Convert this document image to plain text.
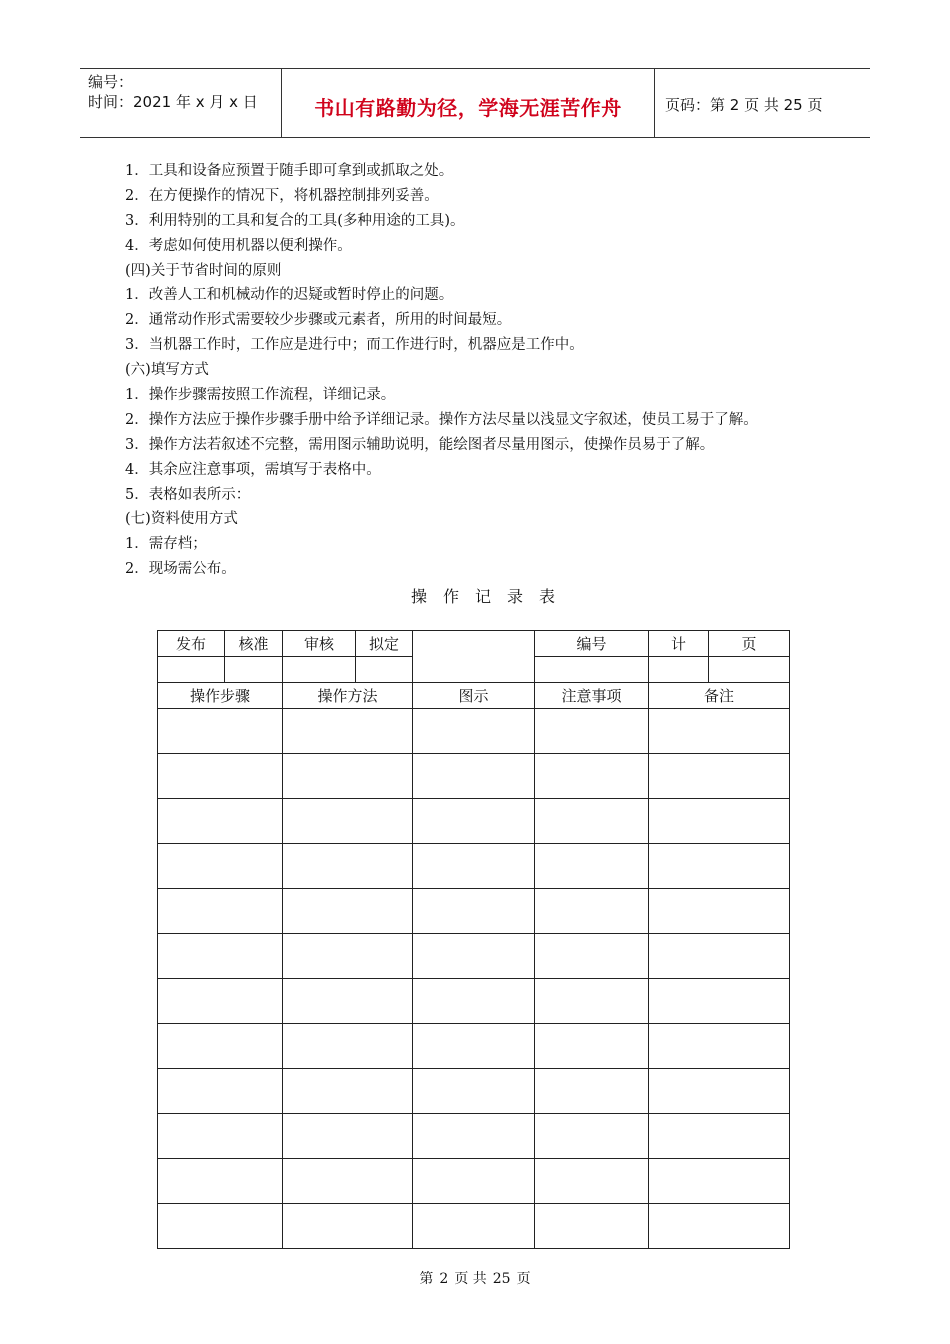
编号：
时间：2021 年 x 月 x 日	书山有路勤为径，学海无涯苦作舟	页码：第 2 页 共 25 页
1．工具和设备应预置于随手即可拿到或抓取之处。
2．在方便操作的情况下，将机器控制排列妥善。
3．利用特别的工具和复合的工具(多种用途的工具)。
4．考虑如何使用机器以便利操作。
(四)关于节省时间的原则
1．改善人工和机械动作的迟疑或暂时停止的问题。
2．通常动作形式需要较少步骤或元素者，所用的时间最短。
3．当机器工作时，工作应是进行中；而工作进行时，机器应是工作中。
(六)填写方式
1．操作步骤需按照工作流程，详细记录。
2．操作方法应于操作步骤手册中给予详细记录。操作方法尽量以浅显文字叙述，使员工易于了解。
3．操作方法若叙述不完整，需用图示辅助说明，能绘图者尽量用图示，使操作员易于了解。
4．其余应注意事项，需填写于表格中。
5．表格如表所示：
(七)资料使用方式
1．需存档；
2．现场需公布。
操作记录表
发布	核准	审核	拟定		编号	计	页

操作步骤		操作方法		图示	注意事项	备注	

第 2 页 共 25 页
